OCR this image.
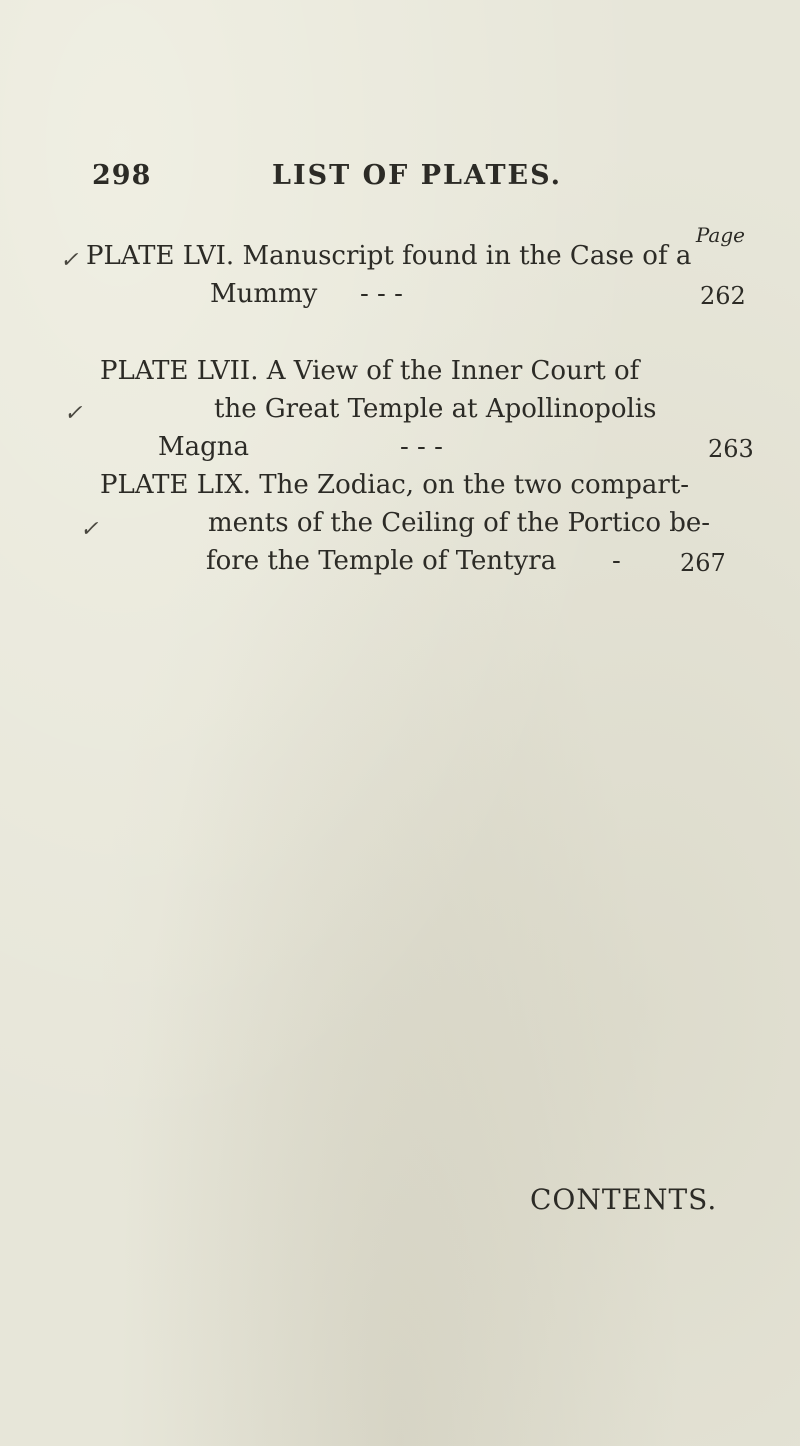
298	LIST OF PLATES.
Page
✓ PLATE LVI. Manuscript found in the Case of a
Mummy - - -	262
✓
PLATE LVII. A View of the Inner Court of
the Great Temple at Apollinopolis
Magna	- - -	263
✓
PLATE LIX. The Zodiac, on the two compart-
ments of the Ceiling of the Portico be-
fore the Temple of Tentyra - 267
CONTENTS.
